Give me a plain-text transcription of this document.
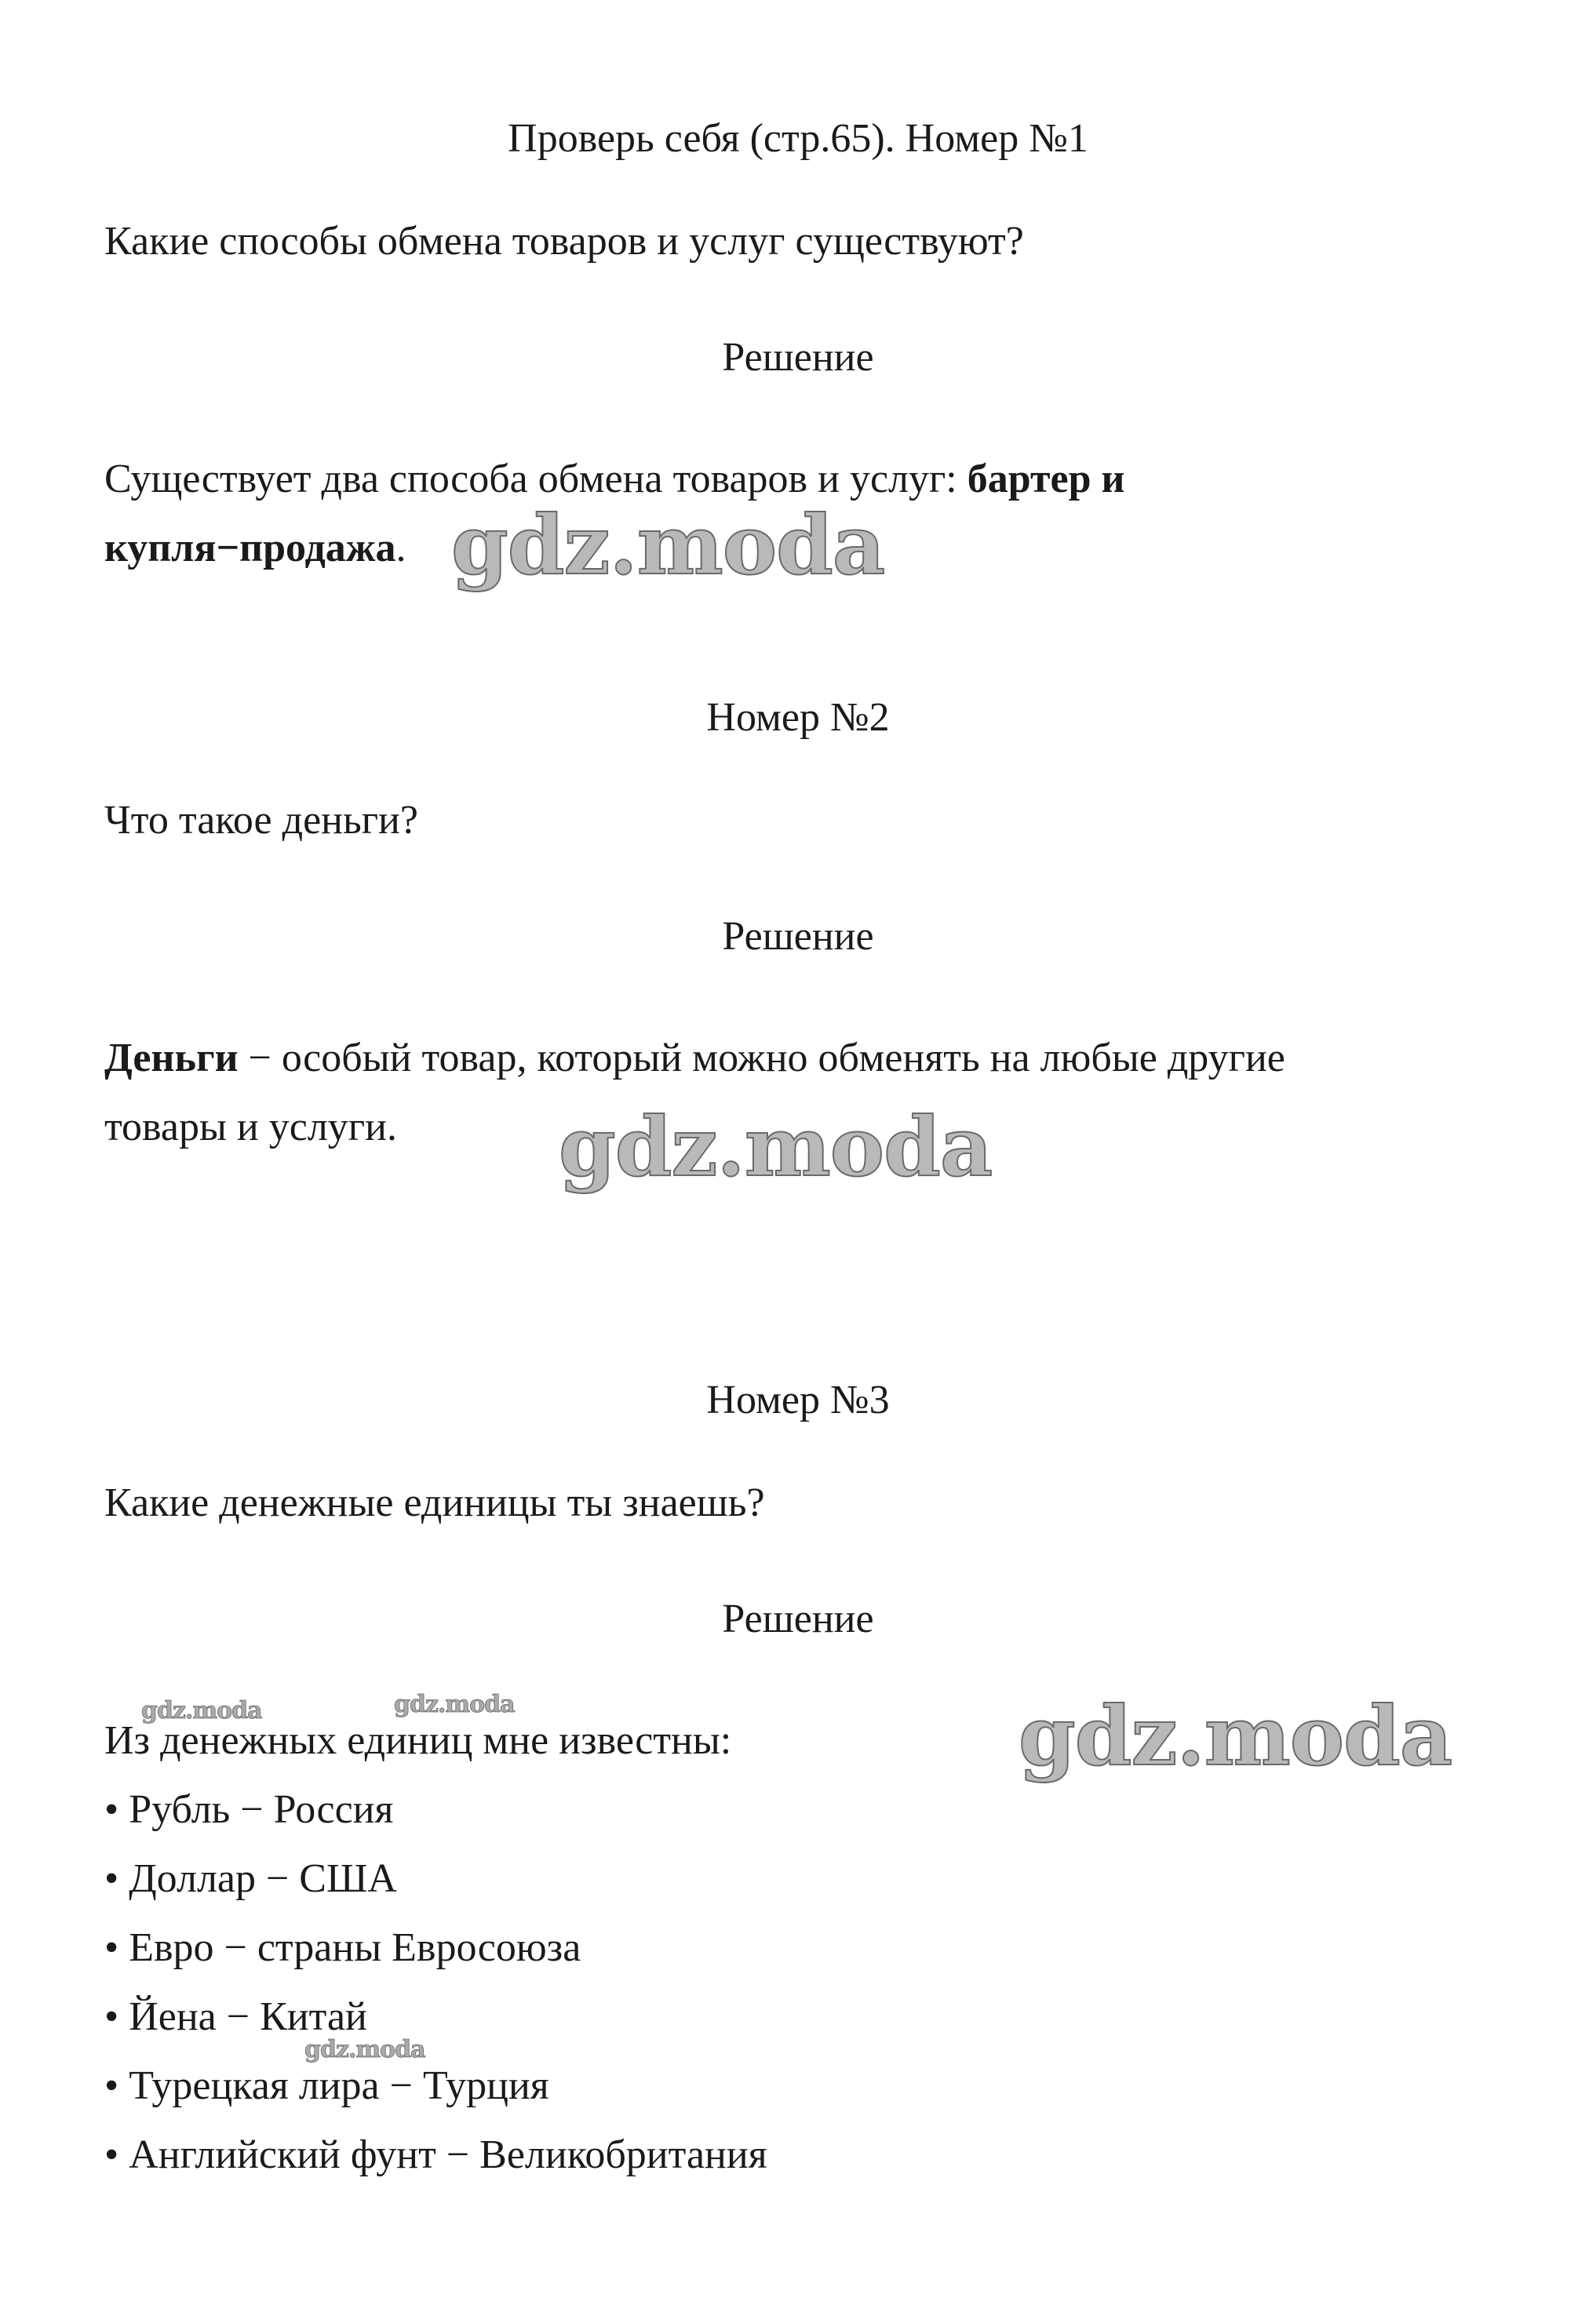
Проверь себя (стр.65). Номер №1
Какие способы обмена товаров и услуг существуют?
Решение
Существует два способа обмена товаров и услуг: бартер и
купля−продажа. gdz.moda
Номер №2
Что такое деньги?
Решение
Деньги − особый товар, который можно обменять на любые другие
товары и услуги. gdz.moda
Номер №3
Какие денежные единицы ты знаешь?
Решение
Из денежных единиц мне известны:	gdz.moda
gdz.moda	gdz.moda
• Рубль − Россия
• Доллар − США
• Евро − страны Евросоюза
• Йена − Китай
• Турецкая лира − Турция
• Английский фунт − Великобритания
gdz.moda
